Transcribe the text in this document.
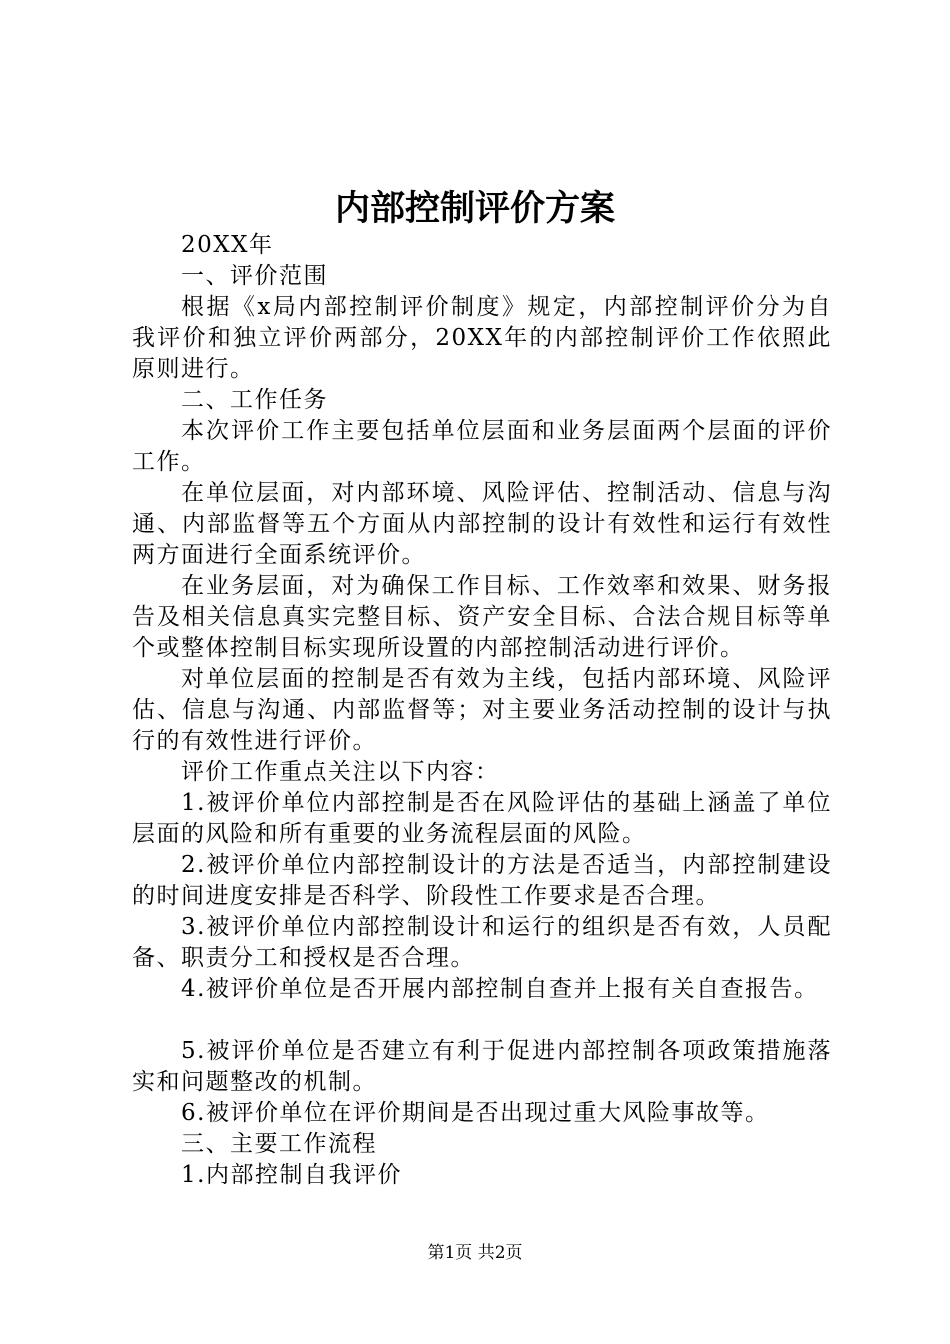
内部控制评价方案

20XX年

一、评价范围

根据《x局内部控制评价制度》规定，内部控制评价分为自我评价和独立评价两部分，20XX年的内部控制评价工作依照此原则进行。

二、工作任务

本次评价工作主要包括单位层面和业务层面两个层面的评价工作。

在单位层面，对内部环境、风险评估、控制活动、信息与沟通、内部监督等五个方面从内部控制的设计有效性和运行有效性两方面进行全面系统评价。

在业务层面，对为确保工作目标、工作效率和效果、财务报告及相关信息真实完整目标、资产安全目标、合法合规目标等单个或整体控制目标实现所设置的内部控制活动进行评价。

对单位层面的控制是否有效为主线，包括内部环境、风险评估、信息与沟通、内部监督等；对主要业务活动控制的设计与执行的有效性进行评价。

评价工作重点关注以下内容：

1.被评价单位内部控制是否在风险评估的基础上涵盖了单位层面的风险和所有重要的业务流程层面的风险。

2.被评价单位内部控制设计的方法是否适当，内部控制建设的时间进度安排是否科学、阶段性工作要求是否合理。

3.被评价单位内部控制设计和运行的组织是否有效，人员配备、职责分工和授权是否合理。

4.被评价单位是否开展内部控制自查并上报有关自查报告。

5.被评价单位是否建立有利于促进内部控制各项政策措施落实和问题整改的机制。

6.被评价单位在评价期间是否出现过重大风险事故等。

三、主要工作流程

1.内部控制自我评价

第1页 共2页
